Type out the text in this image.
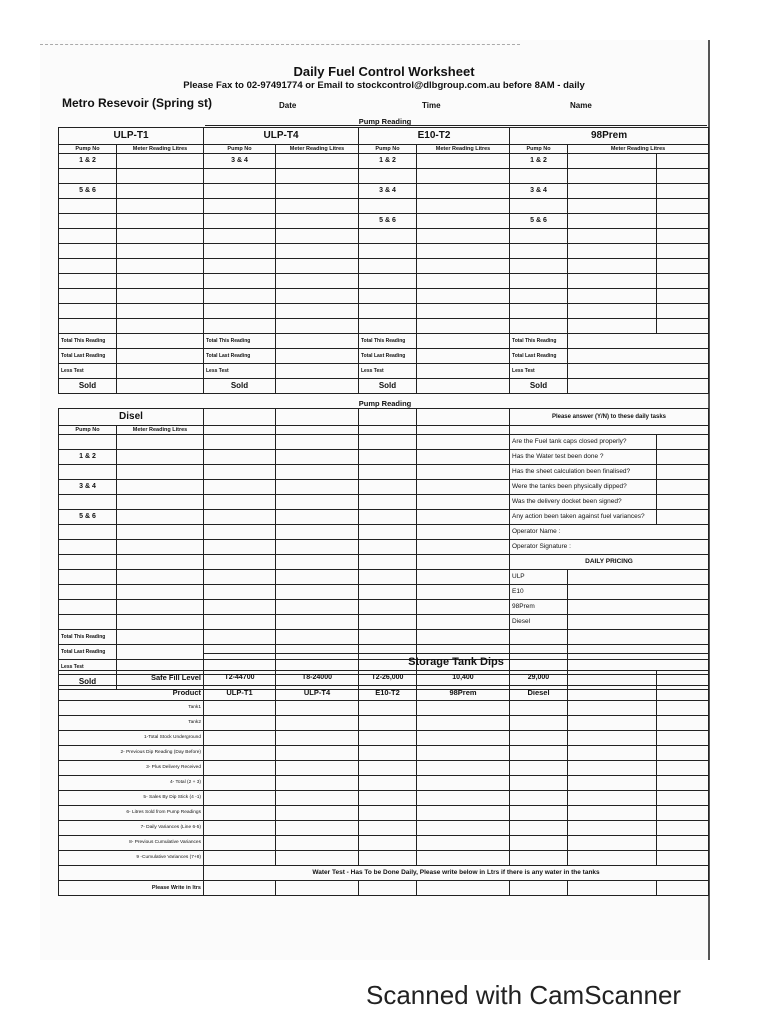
Daily Fuel Control Worksheet
Please Fax to 02-97491774 or Email to stockcontrol@dlbgroup.com.au before 8AM - daily
Metro Resevoir (Spring st)	Date	Time	Name
Pump Reading
ULP-T1		ULP-T4		E10-T2		98Prem		
Pump No	Meter Reading Litres	Pump No	Meter Reading Litres	Pump No	Meter Reading Litres	Pump No	Meter Reading Litres	
1 & 2		3 & 4		1 & 2		1 & 2		

5 & 6				3 & 4		3 & 4		

				5 & 6		5 & 6		

Total This Reading		Total This Reading		Total This Reading		Total This Reading		
Total Last Reading		Total Last Reading		Total Last Reading		Total Last Reading		
Less Test		Less Test		Less Test		Less Test		
Sold		Sold		Sold		Sold		
Pump Reading
Disel						Please answer (Y/N) to these daily tasks		
Pump No	Meter Reading Litres							
						Are the Fuel tank caps closed properly?		
1 & 2						Has the Water test been done ?		
						Has the sheet calculation been finalised?		
3 & 4						Were the tanks been physically dipped?		
						Was the delivery docket been signed?		
5 & 6						Any action been taken against fuel variances?		
						Operator Name :		
						Operator Signature :		
						DAILY PRICING		
						ULP		
						E10		
						98Prem		
						Diesel		
Total This Reading								
Total Last Reading								
Less Test								
Sold								
	Storage Tank Dips						
Safe Fill Level	T2-44700	T8-24000	T2-26,000	10,400	29,000		
Product	ULP-T1	ULP-T4	E10-T2	98Prem	Diesel		
Tank1							
Tank2							
1-Total Stock Underground							
2- Previous Dip Reading (Day Before)							
3- Plus Delivery Received							
4- Total (2 + 3)							
5- Sales By Dip Stick (4 -1)							
6- Litres Sold from Pump Readings							
7- Daily Variances (Line 6-5)							
8- Previous Cumulative Variances							
9 -Cumulative Variances (7+8)							
	Water Test - Has To be Done Daily, Please write below in Ltrs if there is any water in the tanks						
Please Write in ltrs							
Scanned with CamScanner
